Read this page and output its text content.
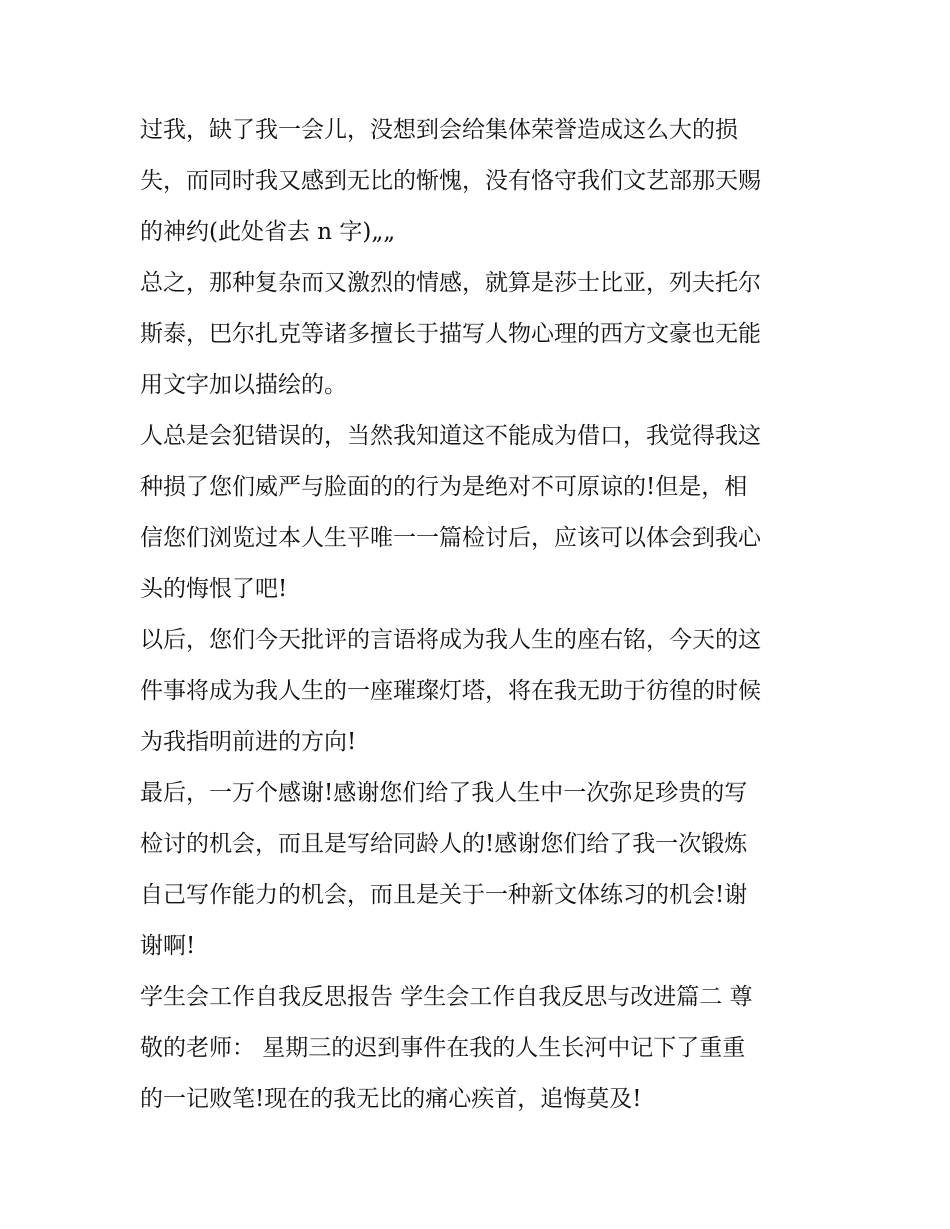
过我，缺了我一会儿，没想到会给集体荣誉造成这么大的损
失，而同时我又感到无比的惭愧，没有恪守我们文艺部那天赐
的神约(此处省去 n 字)„„
总之，那种复杂而又激烈的情感，就算是莎士比亚，列夫托尔
斯泰，巴尔扎克等诸多擅长于描写人物心理的西方文豪也无能
用文字加以描绘的。
人总是会犯错误的，当然我知道这不能成为借口，我觉得我这
种损了您们威严与脸面的的行为是绝对不可原谅的!但是，相
信您们浏览过本人生平唯一一篇检讨后，应该可以体会到我心
头的悔恨了吧!
以后，您们今天批评的言语将成为我人生的座右铭，今天的这
件事将成为我人生的一座璀璨灯塔，将在我无助于彷徨的时候
为我指明前进的方向!
最后，一万个感谢!感谢您们给了我人生中一次弥足珍贵的写
检讨的机会，而且是写给同龄人的!感谢您们给了我一次锻炼
自己写作能力的机会，而且是关于一种新文体练习的机会!谢
谢啊!
学生会工作自我反思报告 学生会工作自我反思与改进篇二 尊
敬的老师： 星期三的迟到事件在我的人生长河中记下了重重
的一记败笔!现在的我无比的痛心疾首，追悔莫及!
